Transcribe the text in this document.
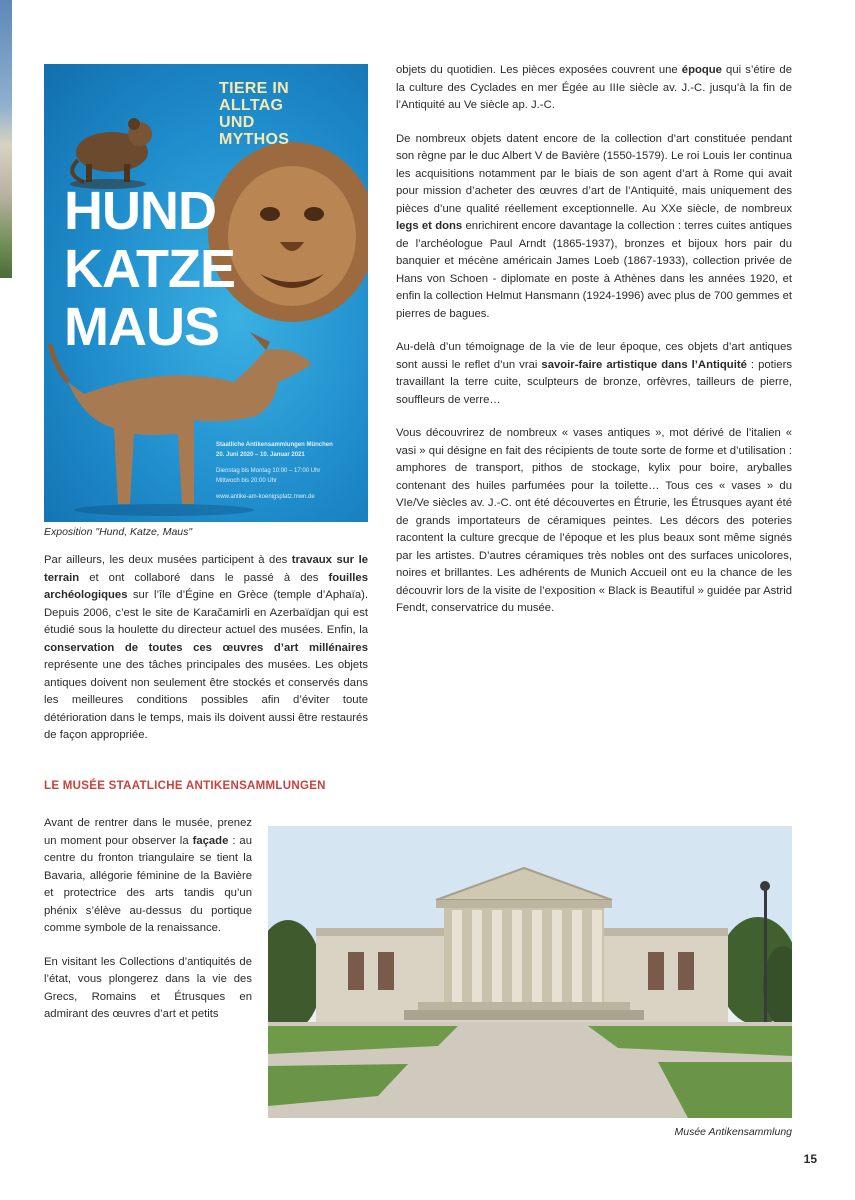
TIERE IN
ALLTAG
UND
MYTHOS
HUND
KATZE
MAUS
Staatliche Antikensammlungen München
20. Juni 2020 – 10. Januar 2021
Dienstag bis Montag 10:00 – 17:00 Uhr
Mittwoch bis 20:00 Uhr
www.antike-am-koenigsplatz.mwn.de
Exposition "Hund, Katze, Maus"

Par ailleurs, les deux musées participent à des travaux sur le terrain et ont collaboré dans le passé à des fouilles archéologiques sur l’île d’Égine en Grèce (temple d’Aphaïa). Depuis 2006, c’est le site de Karačamirli en Azerbaïdjan qui est étudié sous la houlette du directeur actuel des musées. Enfin, la conservation de toutes ces œuvres d’art millénaires représente une des tâches principales des musées. Les objets antiques doivent non seulement être stockés et conservés dans les meilleures conditions possibles afin d’éviter toute détérioration dans le temps, mais ils doivent aussi être restaurés de façon appropriée.

objets du quotidien. Les pièces exposées couvrent une époque qui s’étire de la culture des Cyclades en mer Égée au IIIe siècle av. J.-C. jusqu’à la fin de l’Antiquité au Ve siècle ap. J.-C.

De nombreux objets datent encore de la collection d’art constituée pendant son règne par le duc Albert V de Bavière (1550-1579). Le roi Louis Ier continua les acquisitions notamment par le biais de son agent d’art à Rome qui avait pour mission d’acheter des œuvres d’art de l’Antiquité, mais uniquement des pièces d’une qualité réellement exceptionnelle. Au XXe siècle, de nombreux legs et dons enrichirent encore davantage la collection : terres cuites antiques de l’archéologue Paul Arndt (1865-1937), bronzes et bijoux hors pair du banquier et mécène américain James Loeb (1867-1933), collection privée de Hans von Schoen - diplomate en poste à Athènes dans les années 1920, et enfin la collection Helmut Hansmann (1924-1996) avec plus de 700 gemmes et pierres de bagues.

Au-delà d’un témoignage de la vie de leur époque, ces objets d’art antiques sont aussi le reflet d’un vrai savoir-faire artistique dans l’Antiquité : potiers travaillant la terre cuite, sculpteurs de bronze, orfèvres, tailleurs de pierre, souffleurs de verre…

Vous découvrirez de nombreux « vases antiques », mot dérivé de l’italien « vasi » qui désigne en fait des récipients de toute sorte de forme et d’utilisation : amphores de transport, pithos de stockage, kylix pour boire, aryballes contenant des huiles parfumées pour la toilette… Tous ces « vases » du VIe/Ve siècles av. J.-C. ont été découvertes en Étrurie, les Étrusques ayant été de grands importateurs de céramiques peintes. Les décors des poteries racontent la culture grecque de l’époque et les plus beaux sont même signés par les artistes. D’autres céramiques très nobles ont des surfaces unicolores, noires et brillantes. Les adhérents de Munich Accueil ont eu la chance de les découvrir lors de la visite de l’exposition « Black is Beautiful » guidée par Astrid Fendt, conservatrice du musée.

LE MUSÉE STAATLICHE ANTIKENSAMMLUNGEN

Avant de rentrer dans le musée, prenez un moment pour observer la façade : au centre du fronton triangulaire se tient la Bavaria, allégorie féminine de la Bavière et protectrice des arts tandis qu’un phénix s’élève au-dessus du portique comme symbole de la renaissance.

En visitant les Collections d’antiquités de l’état, vous plongerez dans la vie des Grecs, Romains et Étrusques en admirant des œuvres d’art et petits

Musée Antikensammlung
15
